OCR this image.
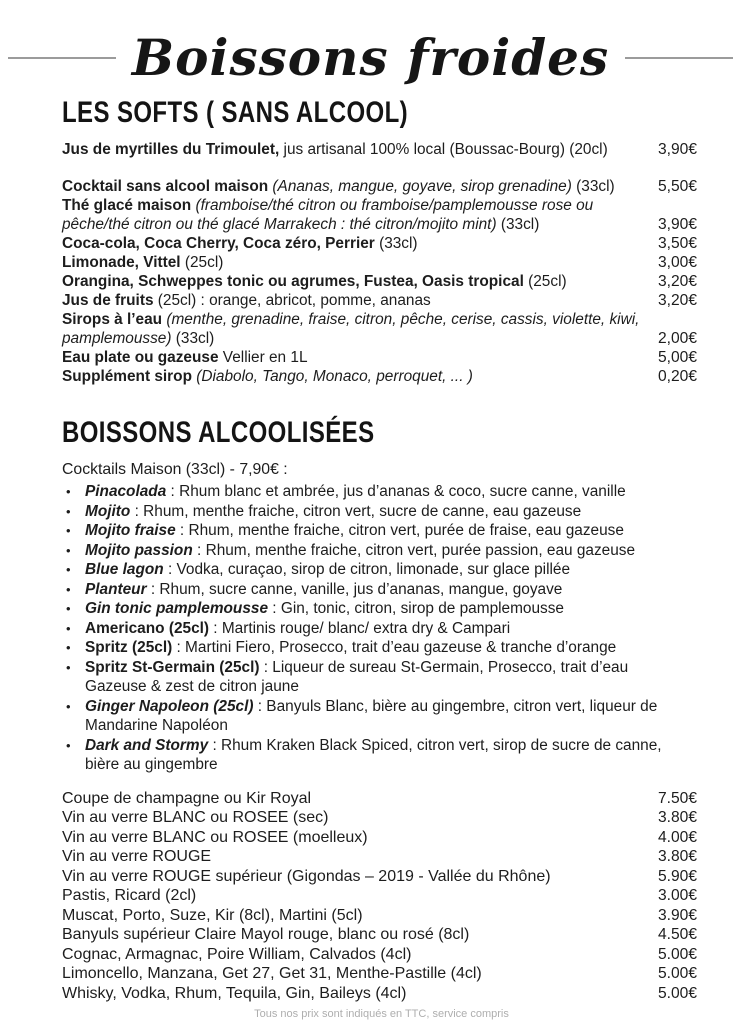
Boissons froides
LES SOFTS ( SANS ALCOOL)
Jus de myrtilles du Trimoulet, jus artisanal 100% local (Boussac-Bourg) (20cl)	3,90€
Cocktail sans alcool maison (Ananas, mangue, goyave, sirop grenadine) (33cl)	5,50€
Thé glacé maison (framboise/thé citron ou framboise/pamplemousse rose ou pêche/thé citron ou thé glacé Marrakech : thé citron/mojito mint) (33cl)	3,90€
Coca-cola, Coca Cherry, Coca zéro, Perrier (33cl)	3,50€
Limonade, Vittel (25cl)	3,00€
Orangina, Schweppes tonic ou agrumes, Fustea, Oasis tropical (25cl)	3,20€
Jus de fruits (25cl) : orange, abricot, pomme, ananas	3,20€
Sirops à l’eau (menthe, grenadine, fraise, citron, pêche, cerise, cassis, violette, kiwi, pamplemousse) (33cl)	2,00€
Eau plate ou gazeuse Vellier en 1L	5,00€
Supplément sirop (Diabolo, Tango, Monaco, perroquet, ... )	0,20€
BOISSONS ALCOOLISÉES
Cocktails Maison (33cl) - 7,90€ :
• Pinacolada : Rhum blanc et ambrée, jus d’ananas & coco, sucre canne, vanille
• Mojito : Rhum, menthe fraiche, citron vert, sucre de canne, eau gazeuse
• Mojito fraise : Rhum, menthe fraiche, citron vert, purée de fraise, eau gazeuse
• Mojito passion : Rhum, menthe fraiche, citron vert, purée passion, eau gazeuse
• Blue lagon : Vodka, curaçao, sirop de citron, limonade, sur glace pillée
• Planteur : Rhum, sucre canne, vanille, jus d’ananas, mangue, goyave
• Gin tonic pamplemousse : Gin, tonic, citron, sirop de pamplemousse
• Americano (25cl) : Martinis rouge/ blanc/ extra dry & Campari
• Spritz (25cl) : Martini Fiero, Prosecco, trait d’eau gazeuse & tranche d’orange
• Spritz St-Germain (25cl) : Liqueur de sureau St-Germain, Prosecco, trait d’eau Gazeuse & zest de citron jaune
• Ginger Napoleon (25cl) : Banyuls Blanc, bière au gingembre, citron vert, liqueur de Mandarine Napoléon
• Dark and Stormy : Rhum Kraken Black Spiced, citron vert, sirop de sucre de canne, bière au gingembre
Coupe de champagne ou Kir Royal	7.50€
Vin au verre BLANC ou ROSEE (sec)	3.80€
Vin au verre BLANC ou ROSEE (moelleux)	4.00€
Vin au verre ROUGE	3.80€
Vin au verre ROUGE supérieur (Gigondas – 2019 - Vallée du Rhône)	5.90€
Pastis, Ricard (2cl)	3.00€
Muscat, Porto, Suze, Kir (8cl), Martini (5cl)	3.90€
Banyuls supérieur Claire Mayol rouge, blanc ou rosé (8cl)	4.50€
Cognac, Armagnac, Poire William, Calvados (4cl)	5.00€
Limoncello, Manzana, Get 27, Get 31, Menthe-Pastille (4cl)	5.00€
Whisky, Vodka, Rhum, Tequila, Gin, Baileys (4cl)	5.00€
Tous nos prix sont indiqués en TTC, service compris
